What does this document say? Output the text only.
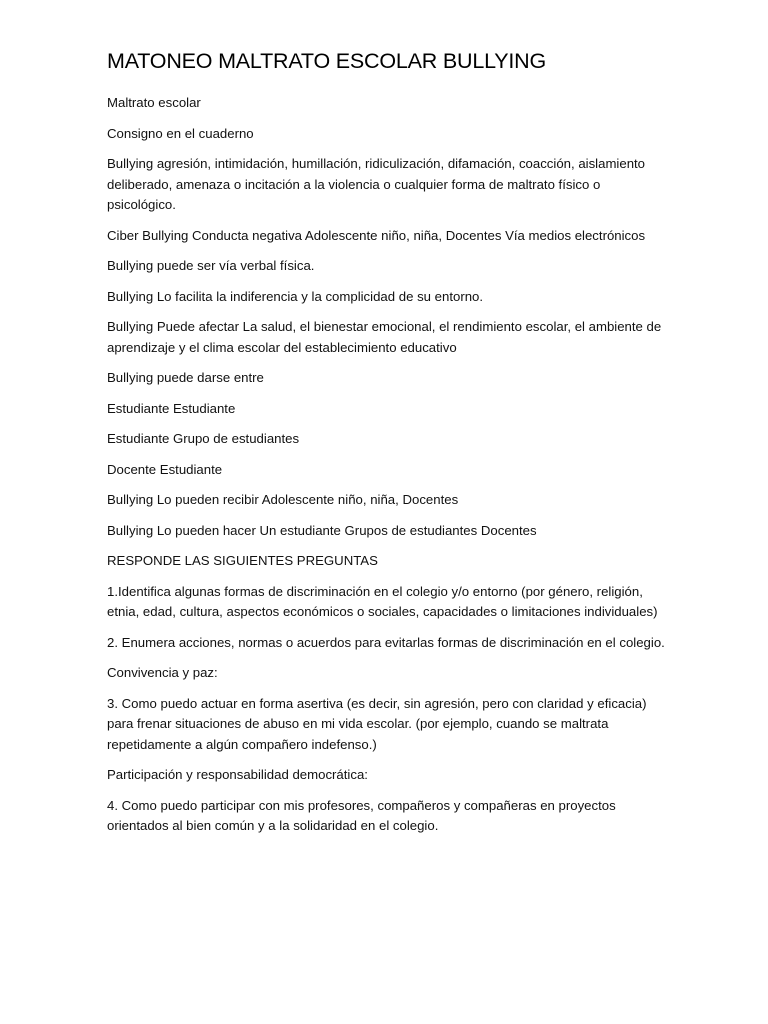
MATONEO MALTRATO ESCOLAR BULLYING

Maltrato escolar

Consigno en el cuaderno

Bullying agresión, intimidación, humillación, ridiculización, difamación, coacción, aislamiento deliberado, amenaza o incitación a la violencia o cualquier forma de maltrato físico o psicológico.

Ciber Bullying Conducta negativa Adolescente niño, niña, Docentes Vía medios electrónicos

Bullying puede ser vía verbal física.

Bullying Lo facilita la indiferencia y la complicidad de su entorno.

Bullying Puede afectar La salud, el bienestar emocional, el rendimiento escolar, el ambiente de aprendizaje y el clima escolar del establecimiento educativo

Bullying puede darse entre

Estudiante Estudiante

Estudiante Grupo de estudiantes

Docente Estudiante

Bullying Lo pueden recibir Adolescente niño, niña, Docentes

Bullying Lo pueden hacer Un estudiante Grupos de estudiantes Docentes

RESPONDE LAS SIGUIENTES PREGUNTAS

1.Identifica algunas formas de discriminación en el colegio y/o entorno (por género, religión, etnia, edad, cultura, aspectos económicos o sociales, capacidades o limitaciones individuales)

2. Enumera acciones, normas o acuerdos para evitarlas formas de discriminación en el colegio.

Convivencia y paz:

3. Como puedo actuar en forma asertiva (es decir, sin agresión, pero con claridad y eficacia) para frenar situaciones de abuso en mi vida escolar. (por ejemplo, cuando se maltrata repetidamente a algún compañero indefenso.)

Participación y responsabilidad democrática:

4. Como puedo participar con mis profesores, compañeros y compañeras en proyectos orientados al bien común y a la solidaridad en el colegio.
